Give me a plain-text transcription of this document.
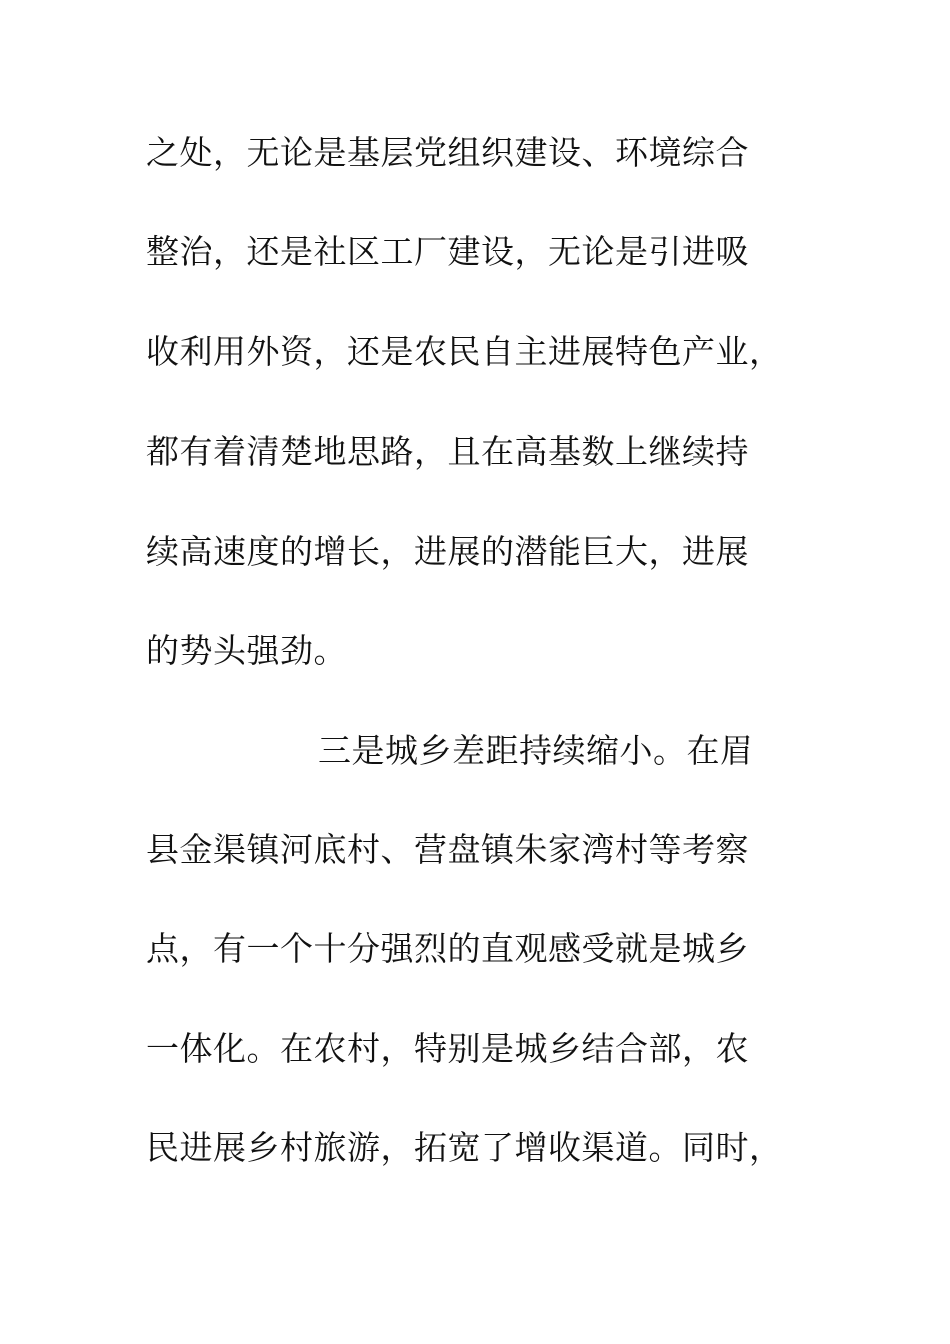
之处，无论是基层党组织建设、环境综合
整治，还是社区工厂建设，无论是引进吸
收利用外资，还是农民自主进展特色产业，
都有着清楚地思路，且在高基数上继续持
续高速度的增长，进展的潜能巨大，进展
的势头强劲。
三是城乡差距持续缩小。在眉
县金渠镇河底村、营盘镇朱家湾村等考察
点，有一个十分强烈的直观感受就是城乡
一体化。在农村，特别是城乡结合部，农
民进展乡村旅游，拓宽了增收渠道。同时，
